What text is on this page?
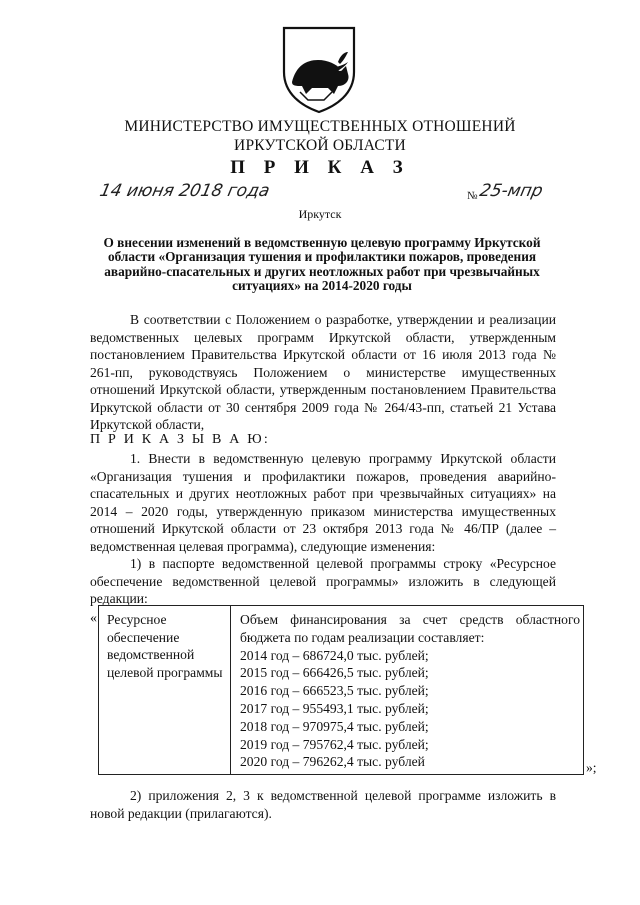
МИНИСТЕРСТВО ИМУЩЕСТВЕННЫХ ОТНОШЕНИЙ
ИРКУТСКОЙ ОБЛАСТИ
П Р И К А З
14 июня 2018 года	№ 25-мпр
Иркутск
О внесении изменений в ведомственную целевую программу Иркутской области «Организация тушения и профилактики пожаров, проведения аварийно-спасательных и других неотложных работ при чрезвычайных ситуациях» на 2014-2020 годы
В соответствии с Положением о разработке, утверждении и реализации ведомственных целевых программ Иркутской области, утвержденным постановлением Правительства Иркутской области от 16 июля 2013 года № 261-пп, руководствуясь Положением о министерстве имущественных отношений Иркутской области, утвержденным постановлением Правительства Иркутской области от 30 сентября 2009 года № 264/43-пп, статьей 21 Устава Иркутской области,
П Р И К А З Ы В А Ю:
1. Внести в ведомственную целевую программу Иркутской области «Организация тушения и профилактики пожаров, проведения аварийно-спасательных и других неотложных работ при чрезвычайных ситуациях» на 2014 – 2020 годы, утвержденную приказом министерства имущественных отношений Иркутской области от 23 октября 2013 года № 46/ПР (далее – ведомственная целевая программа), следующие изменения:
1) в паспорте ведомственной целевой программы строку «Ресурсное обеспечение ведомственной целевой программы» изложить в следующей редакции:
« Ресурсное обеспечение ведомственной целевой программы
Объем финансирования за счет средств областного бюджета по годам реализации составляет:
2014 год – 686724,0 тыс. рублей;
2015 год – 666426,5 тыс. рублей;
2016 год – 666523,5 тыс. рублей;
2017 год – 955493,1 тыс. рублей;
2018 год – 970975,4 тыс. рублей;
2019 год – 795762,4 тыс. рублей;
2020 год – 796262,4 тыс. рублей	»;
2) приложения 2, 3 к ведомственной целевой программе изложить в новой редакции (прилагаются).
